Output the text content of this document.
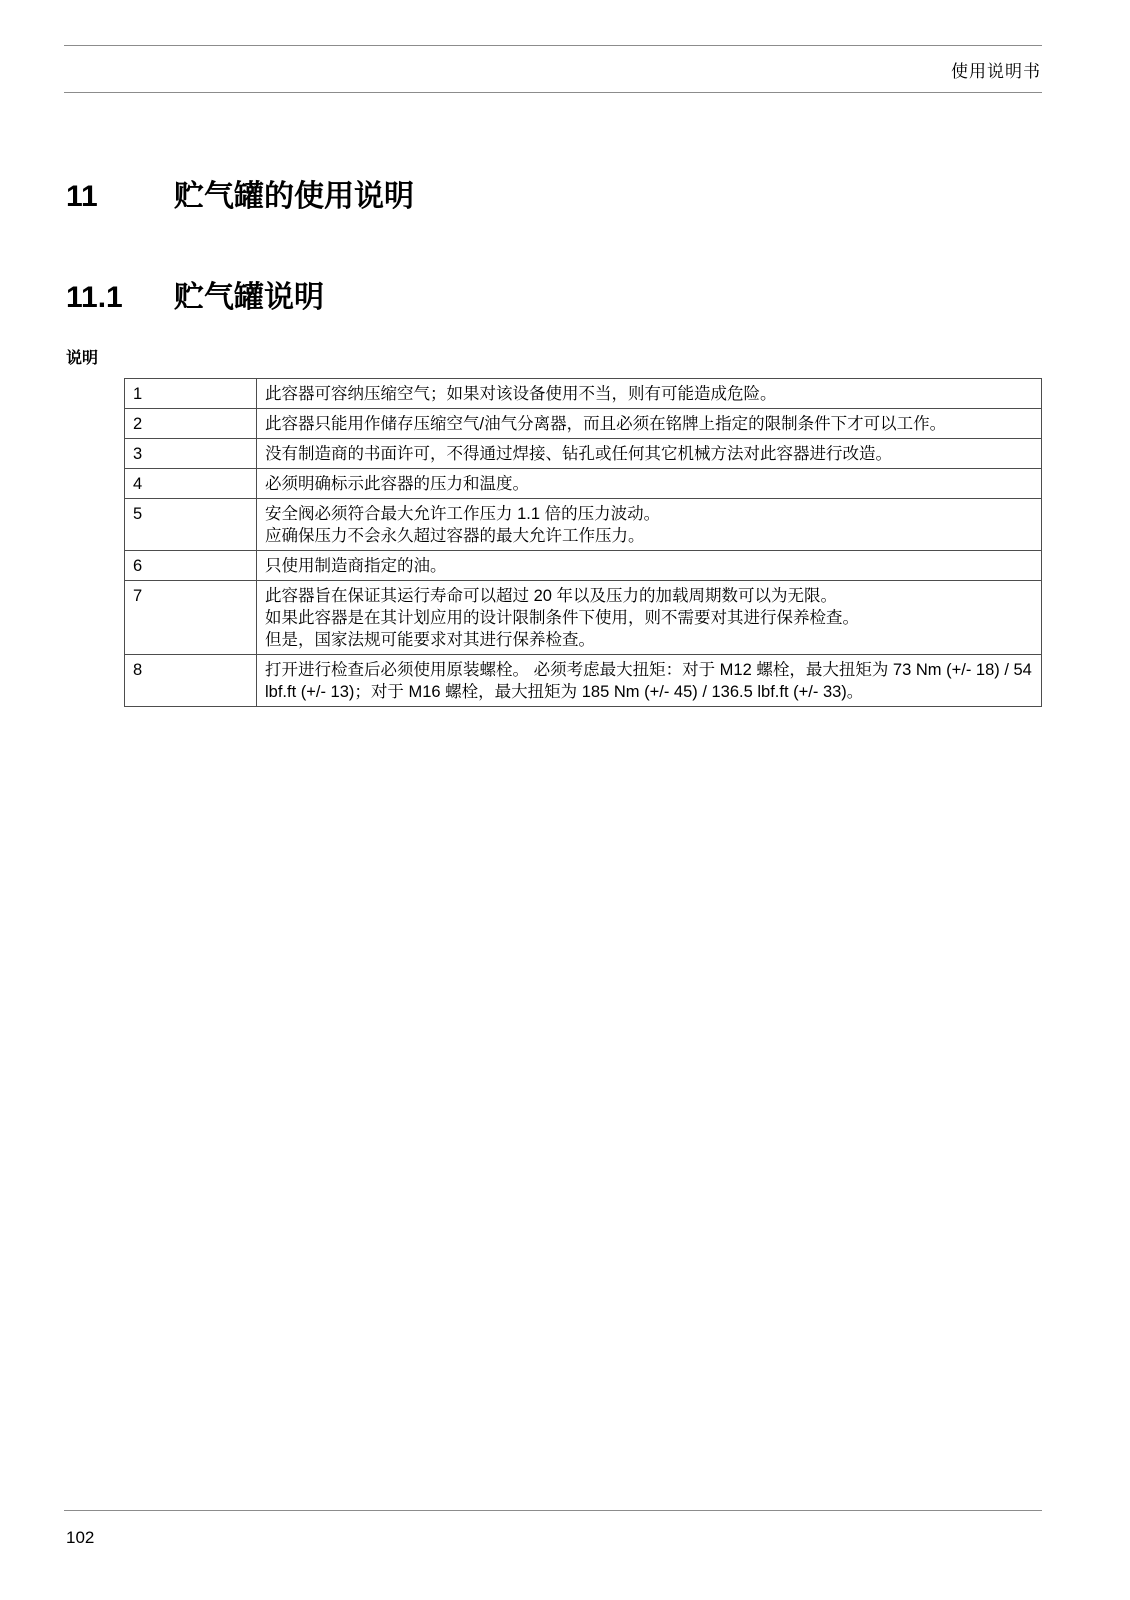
使用说明书
11	贮气罐的使用说明
11.1	贮气罐说明
说明
1	此容器可容纳压缩空气；如果对该设备使用不当，则有可能造成危险。
2	此容器只能用作储存压缩空气/油气分离器，而且必须在铭牌上指定的限制条件下才可以工作。
3	没有制造商的书面许可，不得通过焊接、钻孔或任何其它机械方法对此容器进行改造。
4	必须明确标示此容器的压力和温度。
5	安全阀必须符合最大允许工作压力 1.1 倍的压力波动。
应确保压力不会永久超过容器的最大允许工作压力。
6	只使用制造商指定的油。
7	此容器旨在保证其运行寿命可以超过 20 年以及压力的加载周期数可以为无限。
如果此容器是在其计划应用的设计限制条件下使用，则不需要对其进行保养检查。
但是，国家法规可能要求对其进行保养检查。
8	打开进行检查后必须使用原装螺栓。 必须考虑最大扭矩：对于 M12 螺栓，最大扭矩为 73 Nm (+/- 18) / 54 lbf.ft (+/- 13)；对于 M16 螺栓，最大扭矩为 185 Nm (+/- 45) / 136.5 lbf.ft (+/- 33)。
102
